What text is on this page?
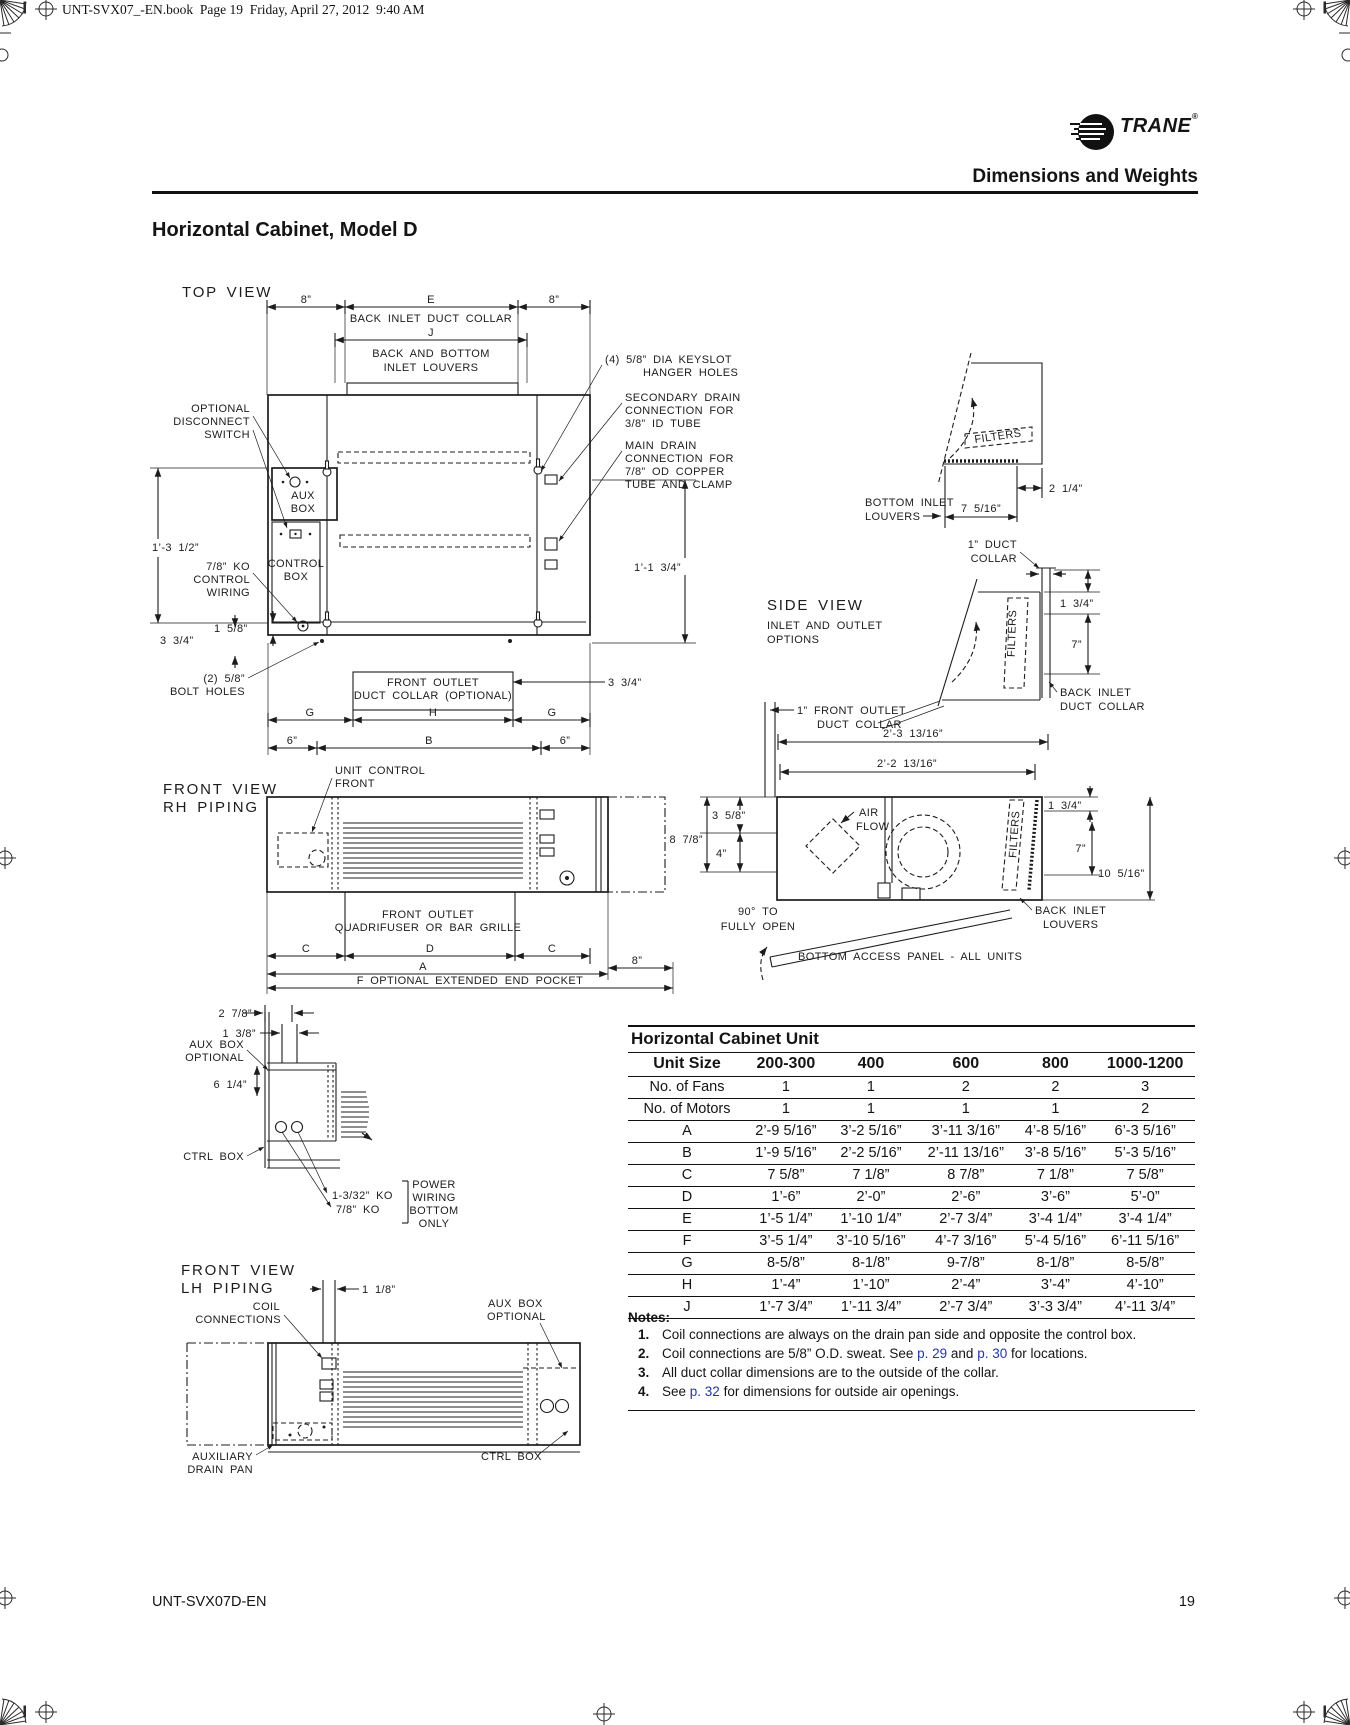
UNT-SVX07_-EN.book  Page 19  Friday, April 27, 2012  9:40 AM
TRANE ®
Dimensions and Weights
Horizontal Cabinet, Model D
TOP VIEW	8”	E	8”
BACK INLET DUCT COLLAR
J
BACK AND BOTTOM
INLET LOUVERS
OPTIONAL
DISCONNECT
SWITCH
AUX
BOX
CONTROL
BOX
1’-3 1/2”
7/8” KO
CONTROL
WIRING
1 5/8”
3 3/4”
(2) 5/8”
BOLT HOLES
(4) 5/8” DIA KEYSLOT
HANGER HOLES
SECONDARY DRAIN
CONNECTION FOR
3/8” ID TUBE
MAIN DRAIN
CONNECTION FOR
7/8” OD COPPER
TUBE AND CLAMP
1’-1 3/4”
3 3/4”
FRONT OUTLET
DUCT COLLAR (OPTIONAL)
G	H	G
6”	B	6”
FILTERS
BOTTOM INLET
LOUVERS
7 5/16”
2 1/4”
SIDE VIEW
INLET AND OUTLET
OPTIONS	FILTERS
1” DUCT
COLLAR
1 3/4”
7”
BACK INLET
DUCT COLLAR
1” FRONT OUTLET
DUCT COLLAR
AIR
FLOW	FILTERS
2’-3 13/16”
2’-2 13/16”
3 5/8”
8 7/8”
4”
1 3/4”
7”
10 5/16”
90° TO
FULLY OPEN
BOTTOM ACCESS PANEL - ALL UNITS
BACK INLET
LOUVERS
FRONT VIEW
RH PIPING
UNIT CONTROL
FRONT
FRONT OUTLET
QUADRIFUSER OR BAR GRILLE
C	D	C
A	8”
F OPTIONAL EXTENDED END POCKET
2 7/8”
1 3/8”
AUX BOX
OPTIONAL
6 1/4”
CTRL BOX
1-3/32” KO
7/8” KO
POWER
WIRING
BOTTOM
ONLY
FRONT VIEW
LH PIPING	1 1/8”
COIL
CONNECTIONS
AUX BOX
OPTIONAL
AUXILIARY
DRAIN PAN
CTRL BOX
Horizontal Cabinet Unit					
Unit Size	200-300	400	600	800	1000-1200
No. of Fans	1	1	2	2	3
No. of Motors	1	1	1	1	2
A	2’-9 5/16”	3’-2 5/16”	3’-11 3/16”	4’-8 5/16”	6’-3 5/16”
B	1’-9 5/16”	2’-2 5/16”	2’-11 13/16”	3’-8 5/16”	5’-3 5/16”
C	7 5/8”	7 1/8”	8 7/8”	7 1/8”	7 5/8”
D	1’-6”	2’-0”	2’-6”	3’-6”	5’-0”
E	1’-5 1/4”	1’-10 1/4”	2’-7 3/4”	3’-4 1/4”	3’-4 1/4”
F	3’-5 1/4”	3’-10 5/16”	4’-7 3/16”	5’-4 5/16”	6’-11 5/16”
G	8-5/8”	8-1/8”	9-7/8”	8-1/8”	8-5/8”
H	1’-4”	1’-10”	2’-4”	3’-4”	4’-10”
J	1’-7 3/4”	1’-11 3/4”	2’-7 3/4”	3’-3 3/4”	4’-11 3/4”
Notes:
1. Coil connections are always on the drain pan side and opposite the control box.
2. Coil connections are 5/8” O.D. sweat. See p. 29 and p. 30 for locations.
3. All duct collar dimensions are to the outside of the collar.
4. See p. 32 for dimensions for outside air openings.
UNT-SVX07D-EN	19
